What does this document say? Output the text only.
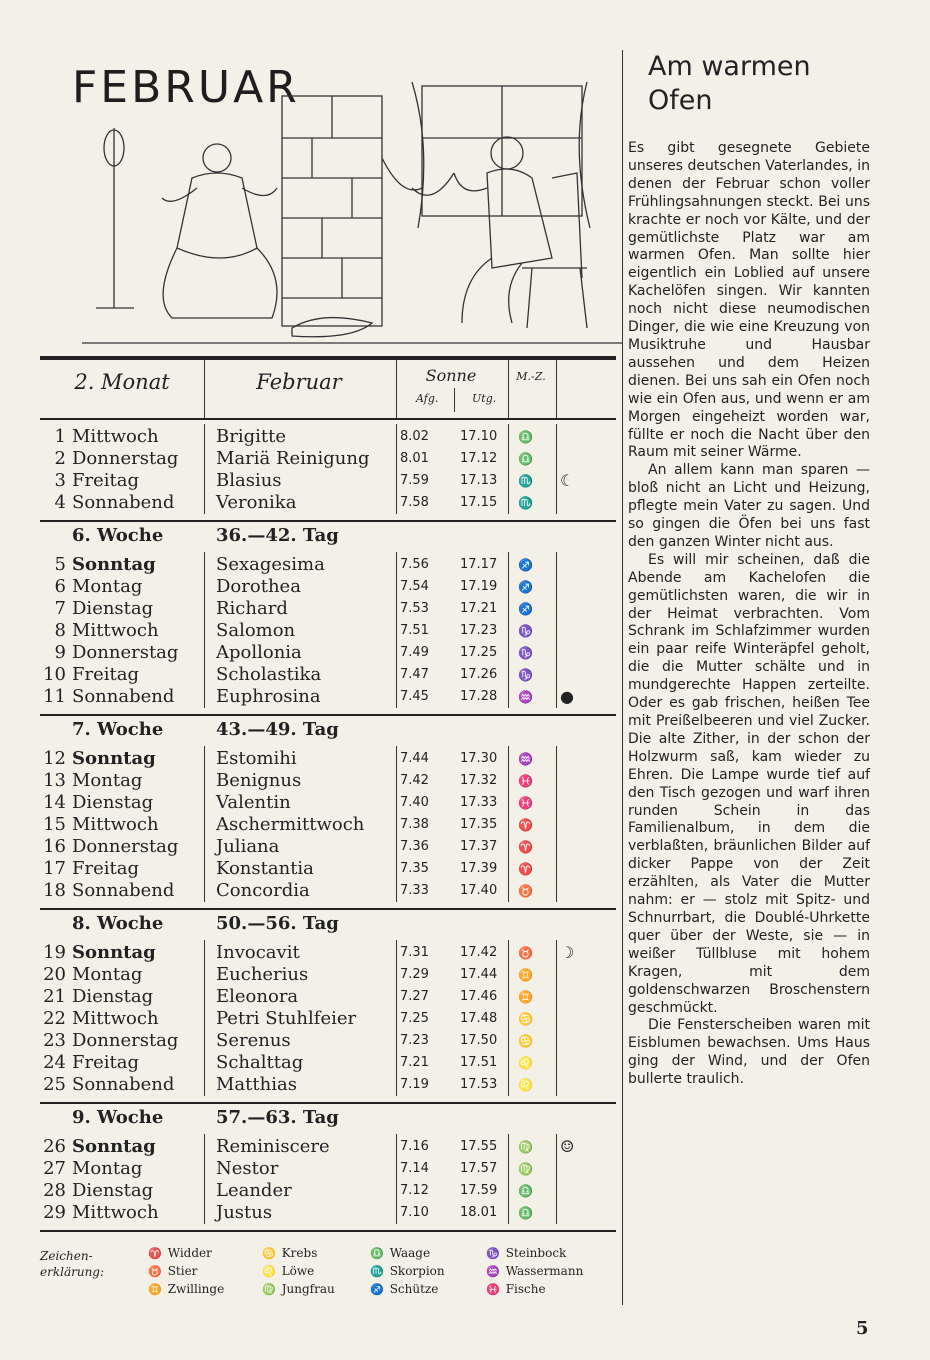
FEBRUAR
2. Monat	Februar	Sonne
Afg.	Utg.
M.-Z.
1 Mittwoch	Brigitte	8.02 17.10 ♎
2 Donnerstag Mariä Reinigung 8.01 17.12 ♎
3 Freitag	Blasius	7.59 17.13 ♏ ☾
4 Sonnabend Veronika	7.58 17.15 ♏
6. Woche	36.—42. Tag
5 Sonntag	Sexagesima	7.56 17.17 ♐
6 Montag	Dorothea	7.54 17.19 ♐
7 Dienstag	Richard	7.53 17.21 ♐
8 Mittwoch	Salomon	7.51 17.23 ♑
9 Donnerstag Apollonia	7.49 17.25 ♑
10 Freitag	Scholastika	7.47 17.26 ♑
11 Sonnabend Euphrosina	7.45 17.28 ♒ ●
7. Woche	43.—49. Tag
12 Sonntag	Estomihi	7.44 17.30 ♒
13 Montag	Benignus	7.42 17.32 ♓
14 Dienstag	Valentin	7.40 17.33 ♓
15 Mittwoch	Aschermittwoch	7.38 17.35 ♈
16 Donnerstag Juliana	7.36 17.37 ♈
17 Freitag	Konstantia	7.35 17.39 ♈
18 Sonnabend Concordia	7.33 17.40 ♉
8. Woche	50.—56. Tag
19 Sonntag	Invocavit	7.31 17.42 ♉ ☽
20 Montag	Eucherius	7.29 17.44 ♊
21 Dienstag	Eleonora	7.27 17.46 ♊
22 Mittwoch	Petri Stuhlfeier	7.25 17.48 ♋
23 Donnerstag Serenus	7.23 17.50 ♋
24 Freitag	Schalttag	7.21 17.51 ♌
25 Sonnabend Matthias	7.19 17.53 ♌
9. Woche	57.—63. Tag
26 Sonntag	Reminiscere	7.16 17.55 ♍ ☺
27 Montag	Nestor	7.14 17.57 ♍
28 Dienstag	Leander	7.12 17.59 ♎
29 Mittwoch	Justus	7.10 18.01 ♎
Zeichen-erklärung:
♈ Widder
♉ Stier
♊ Zwillinge
♋ Krebs
♌ Löwe
♍ Jungfrau
♎ Waage
♏ Skorpion
♐ Schütze
♑ Steinbock
♒ Wassermann
♓ Fische
Am warmen Ofen

Es gibt gesegnete Gebiete unseres deutschen Vaterlandes, in denen der Februar schon voller Frühlingsahnungen steckt. Bei uns krachte er noch vor Kälte, und der gemütlichste Platz war am warmen Ofen. Man sollte hier eigentlich ein Loblied auf unsere Kachelöfen singen. Wir kannten noch nicht diese neumodischen Dinger, die wie eine Kreuzung von Musiktruhe und Hausbar aussehen und dem Heizen dienen. Bei uns sah ein Ofen noch wie ein Ofen aus, und wenn er am Morgen eingeheizt worden war, füllte er noch die Nacht über den Raum mit seiner Wärme.

An allem kann man sparen — bloß nicht an Licht und Heizung, pflegte mein Vater zu sagen. Und so gingen die Öfen bei uns fast den ganzen Winter nicht aus.

Es will mir scheinen, daß die Abende am Kachelofen die gemütlichsten waren, die wir in der Heimat verbrachten. Vom Schrank im Schlafzimmer wurden ein paar reife Winteräpfel geholt, die die Mutter schälte und in mundgerechte Happen zerteilte. Oder es gab frischen, heißen Tee mit Preißelbeeren und viel Zucker. Die alte Zither, in der schon der Holzwurm saß, kam wieder zu Ehren. Die Lampe wurde tief auf den Tisch gezogen und warf ihren runden Schein in das Familienalbum, in dem die verblaßten, bräunlichen Bilder auf dicker Pappe von der Zeit erzählten, als Vater die Mutter nahm: er — stolz mit Spitz- und Schnurrbart, die Doublé-Uhrkette quer über der Weste, sie — in weißer Tüllbluse mit hohem Kragen, mit dem goldenschwarzen Broschenstern geschmückt.

Die Fensterscheiben waren mit Eisblumen bewachsen. Ums Haus ging der Wind, und der Ofen bullerte traulich.

5
